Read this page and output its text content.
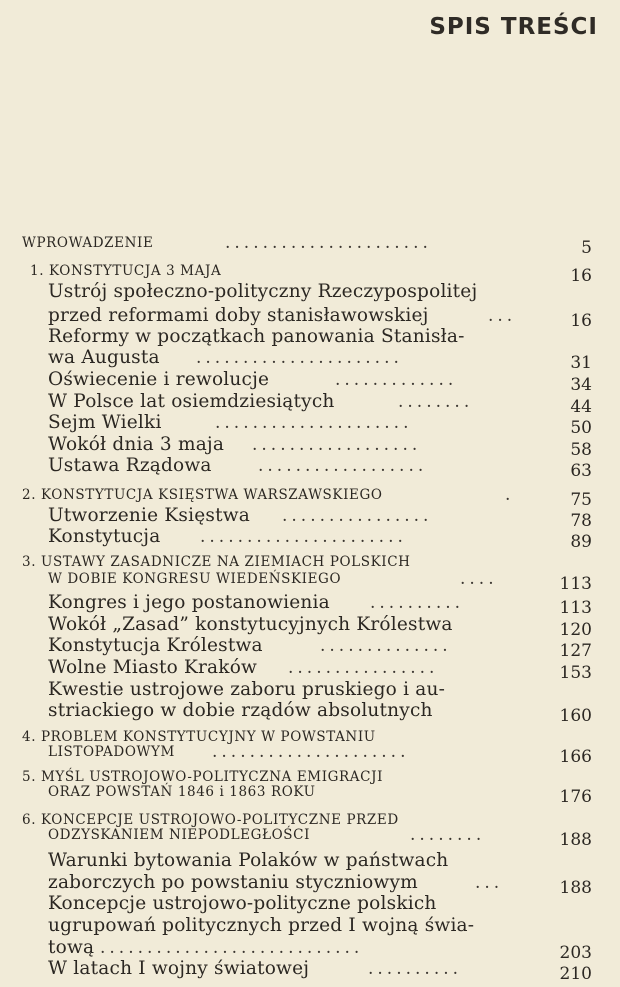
SPIS TREŚCI
WPROWADZENIE	......................	5
1. KONSTYTUCJA 3 MAJA	16
Ustrój społeczno-polityczny Rzeczypospolitej
przed reformami doby stanisławowskiej	...	16
Reformy w początkach panowania Stanisła-
wa Augusta ......................	31
Oświecenie i rewolucje	.............	34
W Polsce lat osiemdziesiątych	........	44
Sejm Wielki	.....................	50
Wokół dnia 3 maja ..................	58
Ustawa Rządowa	..................	63
2. KONSTYTUCJA KSIĘSTWA WARSZAWSKIEGO	.	75
Utworzenie Księstwa ................	78
Konstytucja ......................	89
3. USTAWY ZASADNICZE NA ZIEMIACH POLSKICH
W DOBIE KONGRESU WIEDEŃSKIEGO	....	113
Kongres i jego postanowienia ..........	113
Wokół „Zasad” konstytucyjnych Królestwa	120
Konstytucja Królestwa	..............	127
Wolne Miasto Kraków ................	153
Kwestie ustrojowe zaboru pruskiego i au-
striackiego w dobie rządów absolutnych	160
4. PROBLEM KONSTYTUCYJNY W POWSTANIU
LISTOPADOWYM .....................	166
5. MYŚL USTROJOWO-POLITYCZNA EMIGRACJI
ORAZ POWSTAŃ 1846 i 1863 ROKU	176
6. KONCEPCJE USTROJOWO-POLITYCZNE PRZED
ODZYSKANIEM NIEPODLEGŁOŚCI	........	188
Warunki bytowania Polaków w państwach
zaborczych po powstaniu styczniowym	...	188
Koncepcje ustrojowo-polityczne polskich
ugrupowań politycznych przed I wojną świa-
tową ............................	203
W latach I wojny światowej	..........	210
